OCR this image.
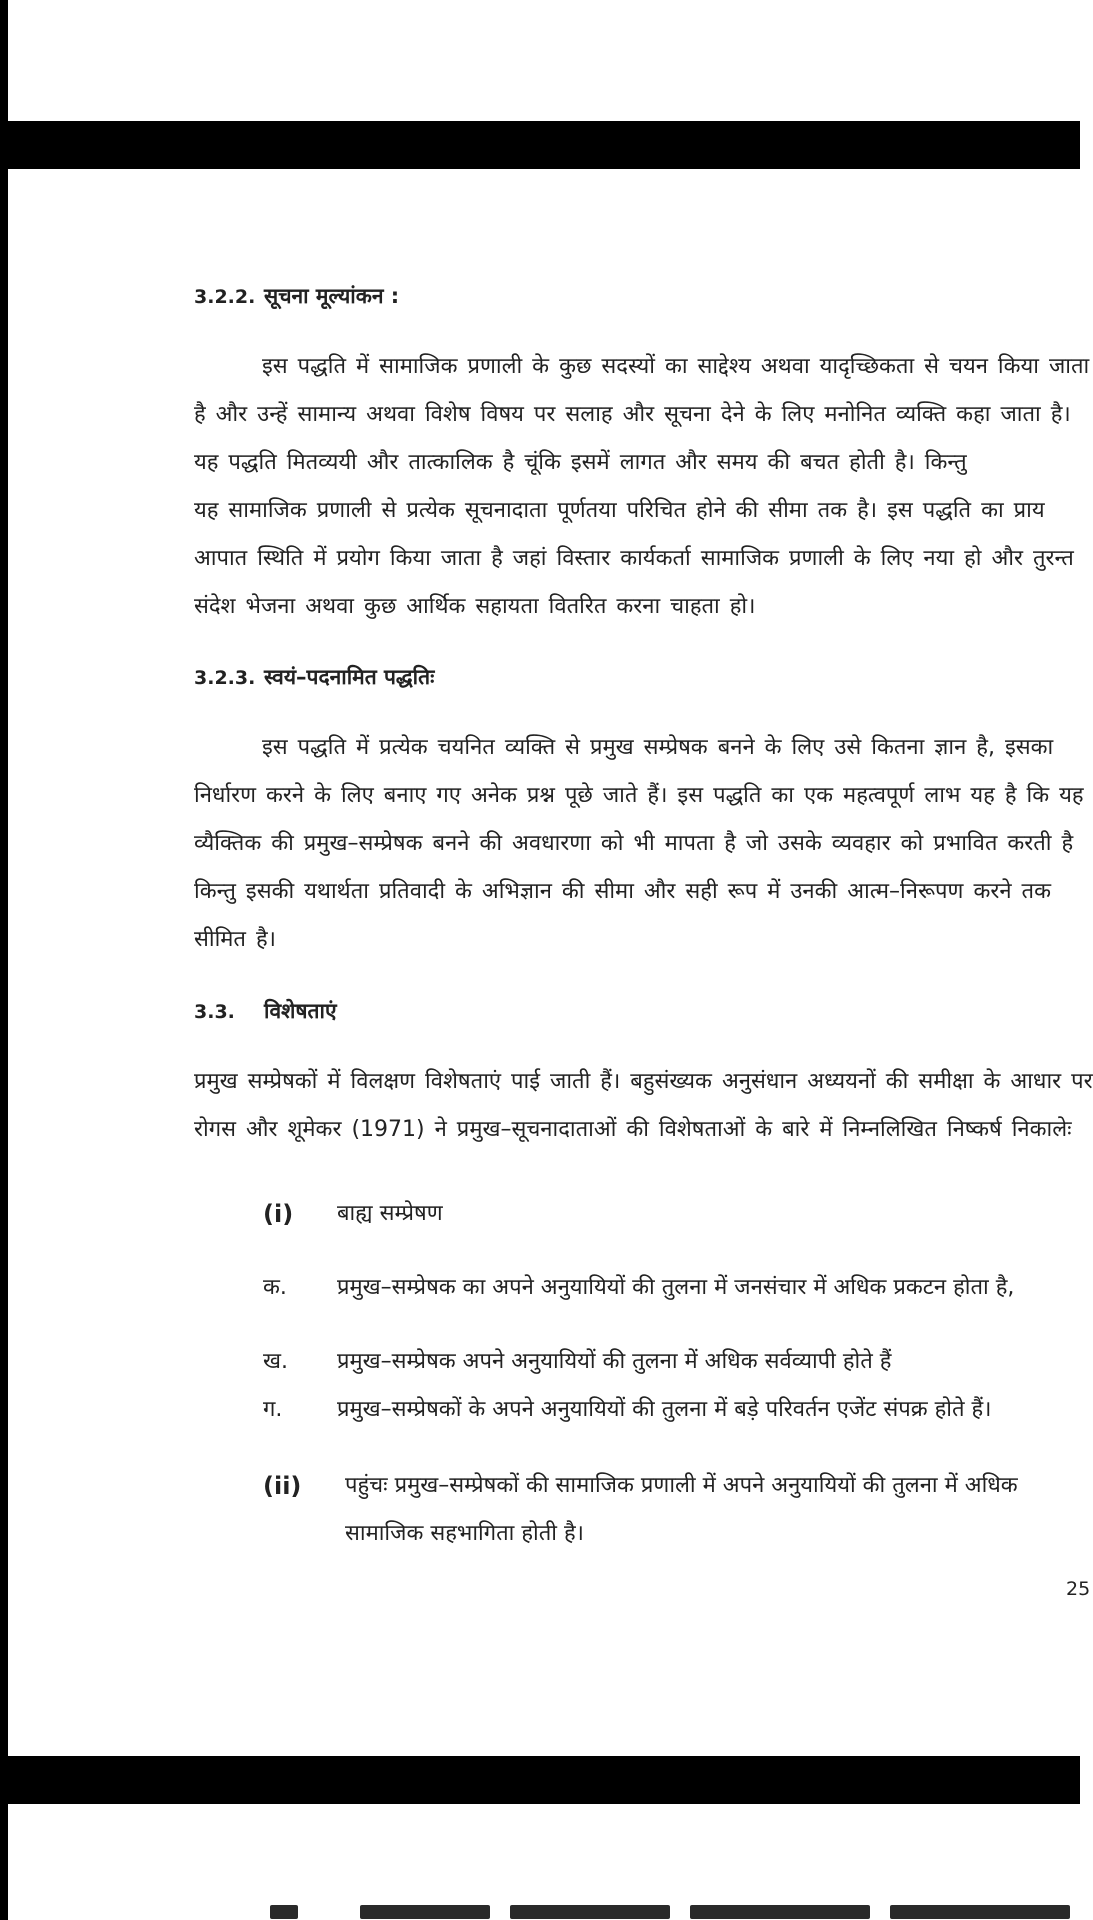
3.2.2. सूचना मूल्यांकन :
इस पद्धति में सामाजिक प्रणाली के कुछ सदस्यों का साद्देश्य अथवा यादृच्छिकता से चयन किया जाता
है और उन्हें सामान्य अथवा विशेष विषय पर सलाह और सूचना देने के लिए मनोनित व्यक्ति कहा जाता है।
यह पद्धति मितव्ययी और तात्कालिक है चूंकि इसमें लागत और समय की बचत होती है। किन्तु
यह सामाजिक प्रणाली से प्रत्येक सूचनादाता पूर्णतया परिचित होने की सीमा तक है। इस पद्धति का प्राय
आपात स्थिति में प्रयोग किया जाता है जहां विस्तार कार्यकर्ता सामाजिक प्रणाली के लिए नया हो और तुरन्त
संदेश भेजना अथवा कुछ आर्थिक सहायता वितरित करना चाहता हो।
3.2.3. स्वयं–पदनामित पद्धतिः
इस पद्धति में प्रत्येक चयनित व्यक्ति से प्रमुख सम्प्रेषक बनने के लिए उसे कितना ज्ञान है, इसका
निर्धारण करने के लिए बनाए गए अनेक प्रश्न पूछे जाते हैं। इस पद्धति का एक महत्वपूर्ण लाभ यह है कि यह
व्यैक्तिक की प्रमुख–सम्प्रेषक बनने की अवधारणा को भी मापता है जो उसके व्यवहार को प्रभावित करती है
किन्तु इसकी यथार्थता प्रतिवादी के अभिज्ञान की सीमा और सही रूप में उनकी आत्म–निरूपण करने तक
सीमित है।
3.3. विशेषताएं
प्रमुख सम्प्रेषकों में विलक्षण विशेषताएं पाई जाती हैं। बहुसंख्यक अनुसंधान अध्ययनों की समीक्षा के आधार पर
रोगस और शूमेकर (1971) ने प्रमुख–सूचनादाताओं की विशेषताओं के बारे में निम्नलिखित निष्कर्ष निकालेः
(i) बाह्य सम्प्रेषण
क. प्रमुख–सम्प्रेषक का अपने अनुयायियों की तुलना में जनसंचार में अधिक प्रकटन होता है,
ख. प्रमुख–सम्प्रेषक अपने अनुयायियों की तुलना में अधिक सर्वव्यापी होते हैं
ग. प्रमुख–सम्प्रेषकों के अपने अनुयायियों की तुलना में बड़े परिवर्तन एजेंट संपक्र होते हैं।
(ii) पहुंचः प्रमुख–सम्प्रेषकों की सामाजिक प्रणाली में अपने अनुयायियों की तुलना में अधिक
सामाजिक सहभागिता होती है।
25
